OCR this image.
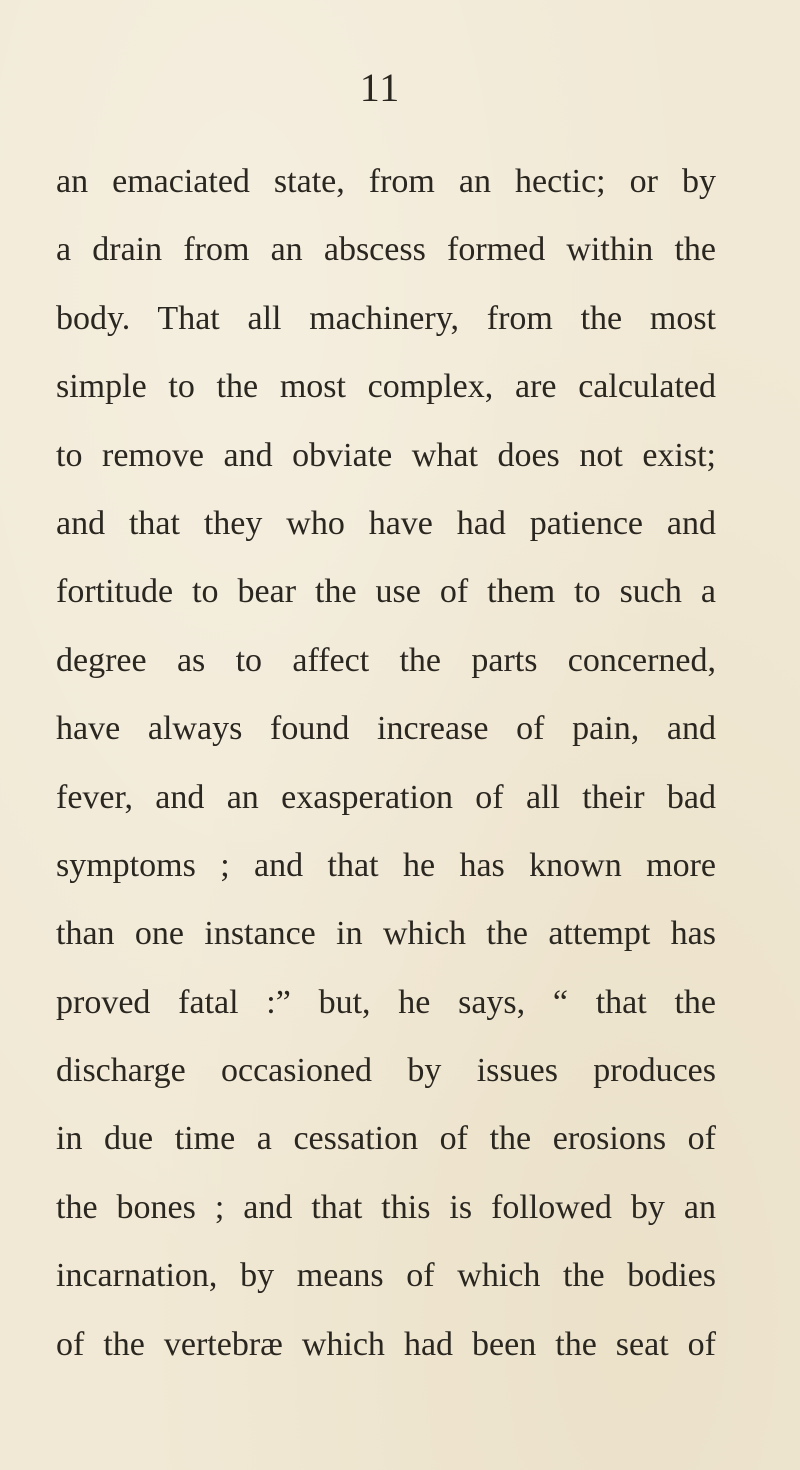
11
an emaciated state, from an hectic; or by
a drain from an abscess formed within the
body. That all machinery, from the most
simple to the most complex, are calculated
to remove and obviate what does not exist;
and that they who have had patience and
fortitude to bear the use of them to such a
degree as to affect the parts concerned,
have always found increase of pain, and
fever, and an exasperation of all their bad
symptoms ; and that he has known more
than one instance in which the attempt has
proved fatal :” but, he says, “ that the
discharge occasioned by issues produces
in due time a cessation of the erosions of
the bones ; and that this is followed by an
incarnation, by means of which the bodies
of the vertebræ which had been the seat of
